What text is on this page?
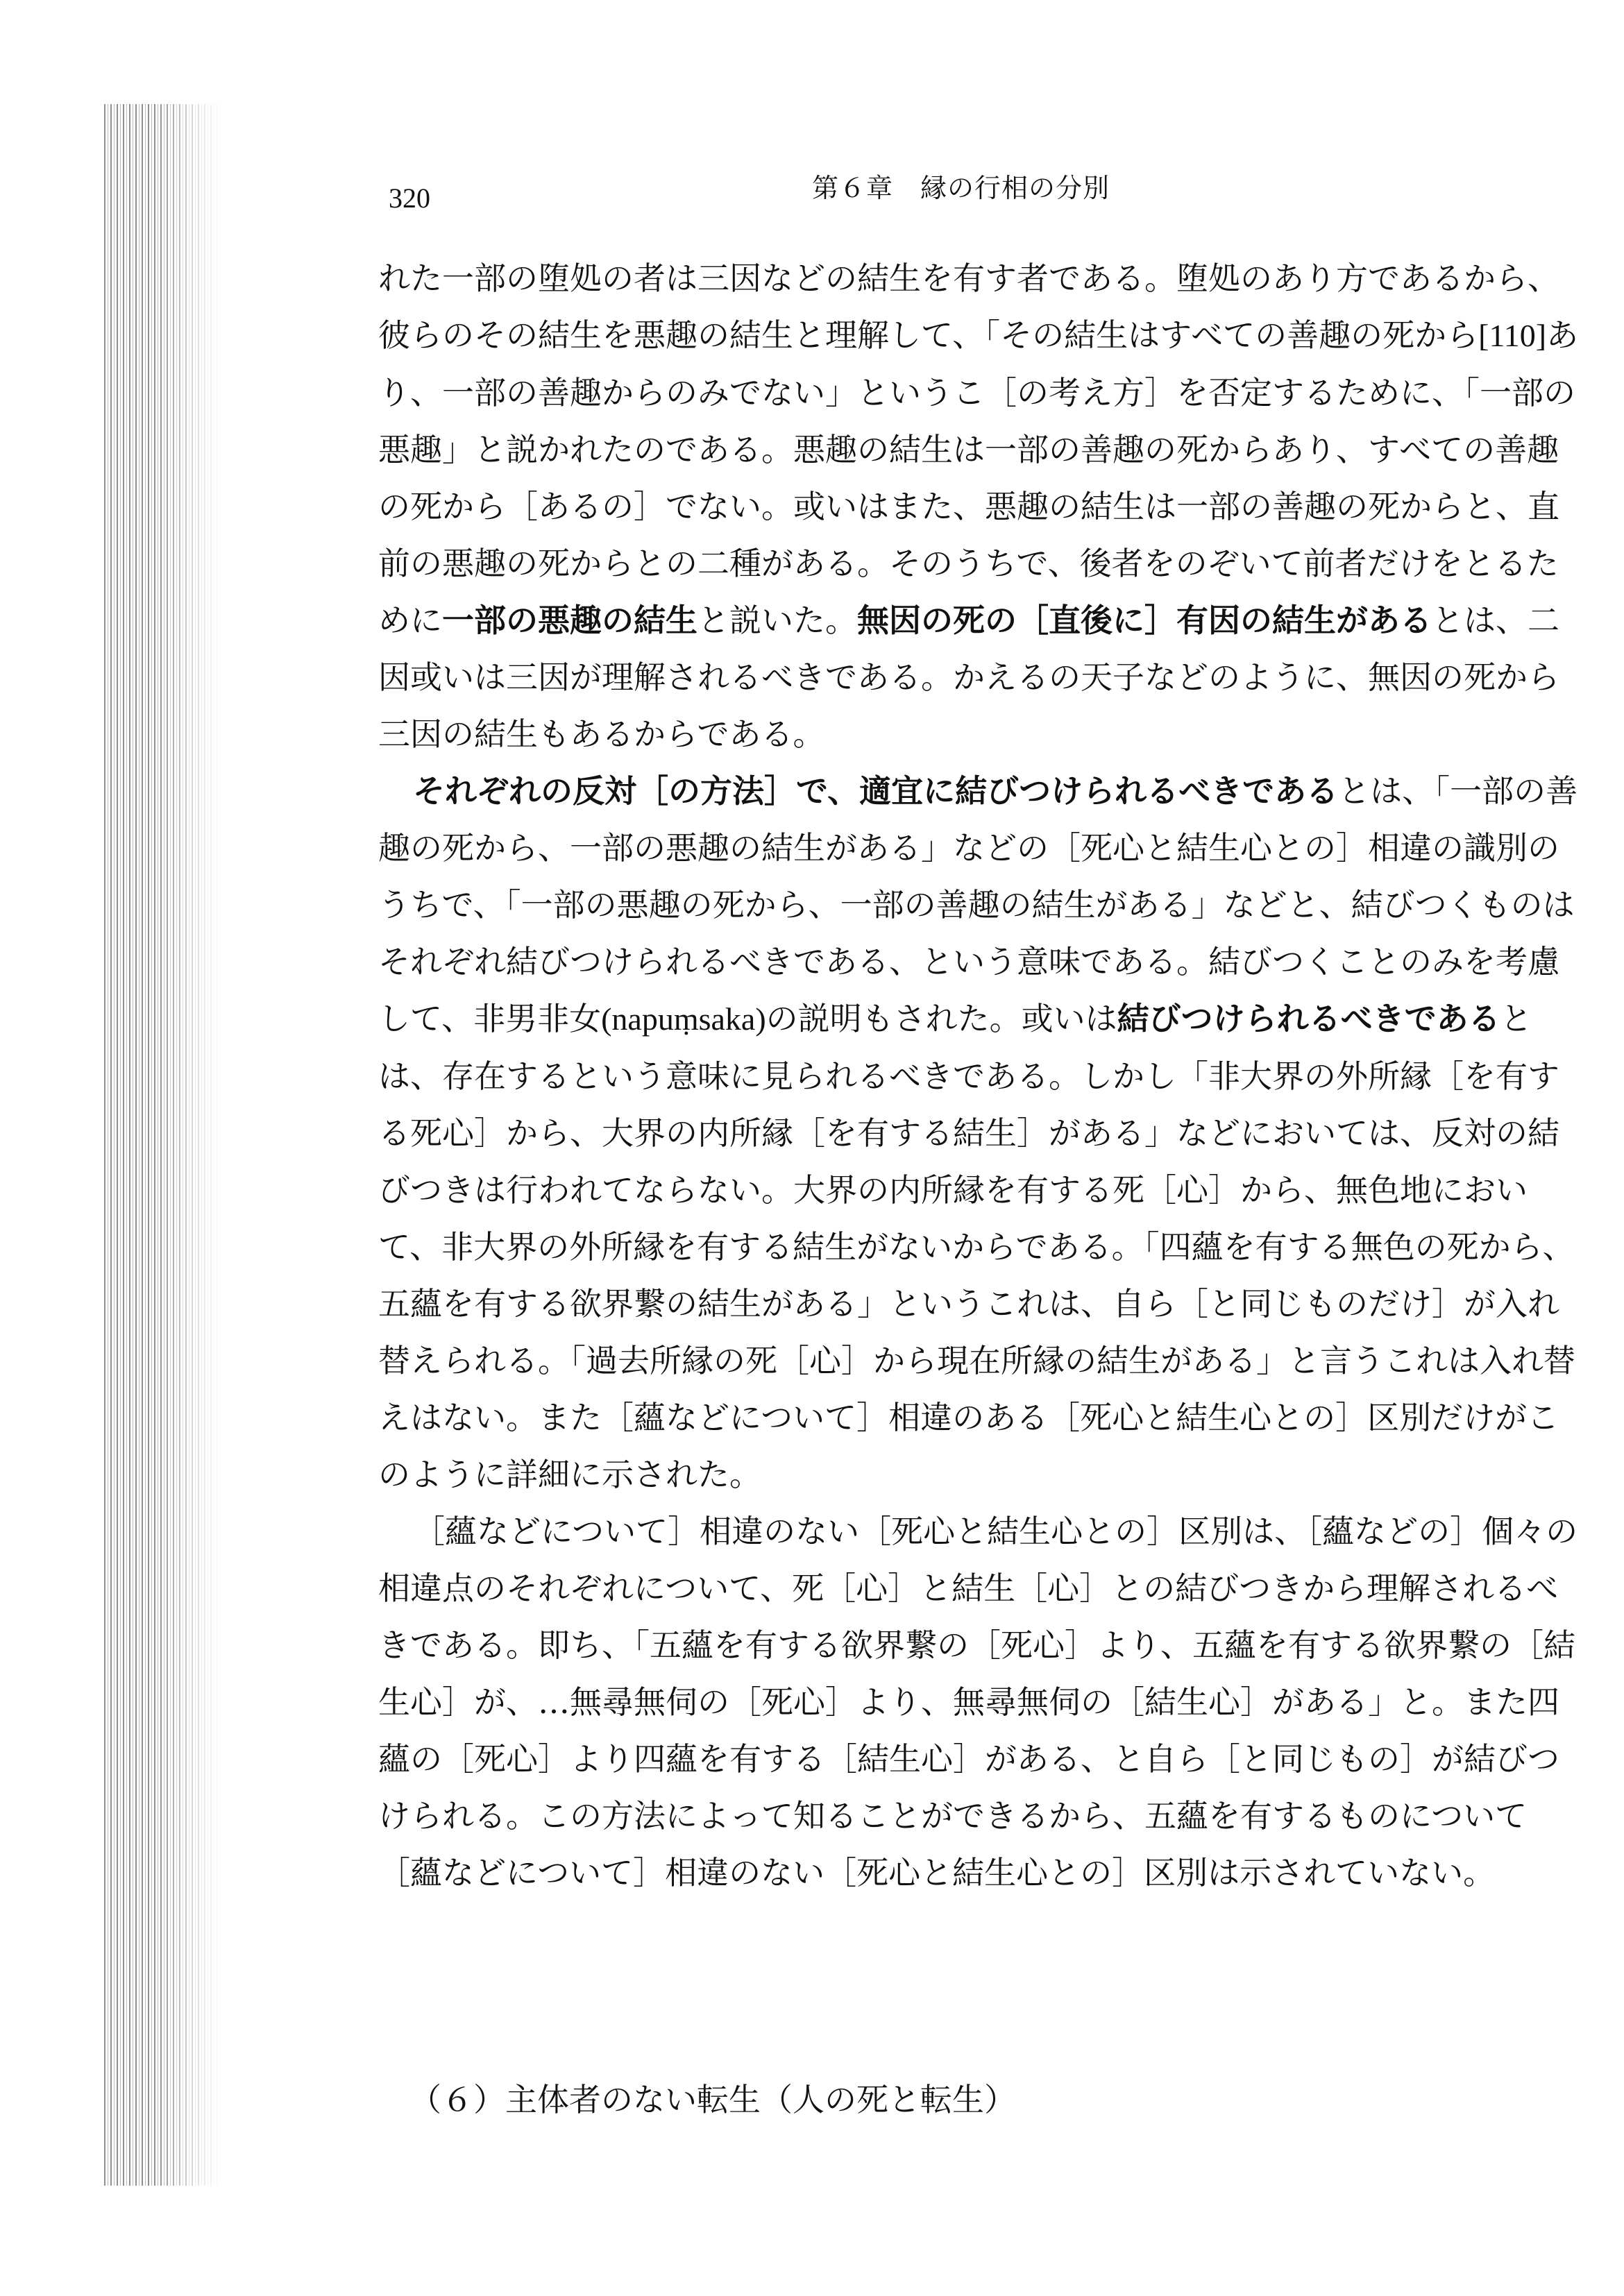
320	第６章　縁の行相の分別

れた一部の堕処の者は三因などの結生を有す者である。堕処のあり方であるから、彼らのその結生を悪趣の結生と理解して、「その結生はすべての善趣の死から[110]あり、一部の善趣からのみでない」というこ［の考え方］を否定するために、「一部の悪趣」と説かれたのである。悪趣の結生は一部の善趣の死からあり、すべての善趣の死から［あるの］でない。或いはまた、悪趣の結生は一部の善趣の死からと、直前の悪趣の死からとの二種がある。そのうちで、後者をのぞいて前者だけをとるために一部の悪趣の結生と説いた。無因の死の［直後に］有因の結生があるとは、二因或いは三因が理解されるべきである。かえるの天子などのように、無因の死から三因の結生もあるからである。

それぞれの反対［の方法］で、適宜に結びつけられるべきであるとは、「一部の善趣の死から、一部の悪趣の結生がある」などの［死心と結生心との］相違の識別のうちで、「一部の悪趣の死から、一部の善趣の結生がある」などと、結びつくものはそれぞれ結びつけられるべきである、という意味である。結びつくことのみを考慮して、非男非女(napuṃsaka)の説明もされた。或いは結びつけられるべきであるとは、存在するという意味に見られるべきである。しかし「非大界の外所縁［を有する死心］から、大界の内所縁［を有する結生］がある」などにおいては、反対の結びつきは行われてならない。大界の内所縁を有する死［心］から、無色地において、非大界の外所縁を有する結生がないからである。「四蘊を有する無色の死から、五蘊を有する欲界繋の結生がある」というこれは、自ら［と同じものだけ］が入れ替えられる。「過去所縁の死［心］から現在所縁の結生がある」と言うこれは入れ替えはない。また［蘊などについて］相違のある［死心と結生心との］区別だけがこのように詳細に示された。

［蘊などについて］相違のない［死心と結生心との］区別は、［蘊などの］個々の相違点のそれぞれについて、死［心］と結生［心］との結びつきから理解されるべきである。即ち、「五蘊を有する欲界繋の［死心］より、五蘊を有する欲界繋の［結生心］が、…無尋無伺の［死心］より、無尋無伺の［結生心］がある」と。また四蘊の［死心］より四蘊を有する［結生心］がある、と自ら［と同じもの］が結びつけられる。この方法によって知ることができるから、五蘊を有するものについて［蘊などについて］相違のない［死心と結生心との］区別は示されていない。

（６）主体者のない転生（人の死と転生）
